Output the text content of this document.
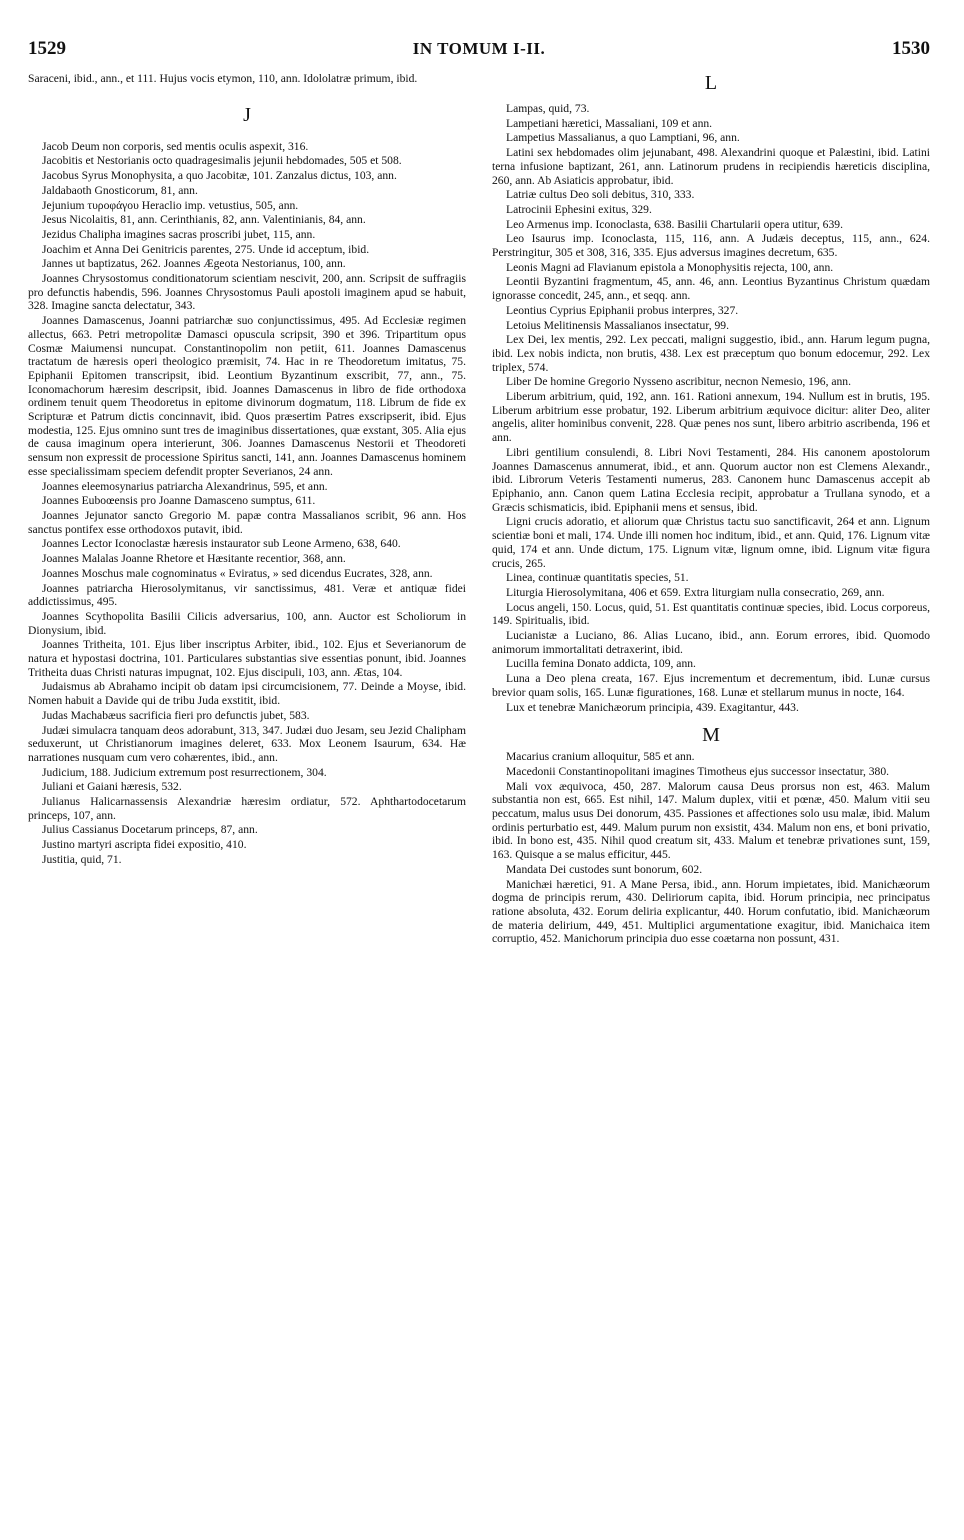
1529	IN TOMUM I-II.	1530
Saraceni, ibid., ann., et 111. Hujus vocis etymon, 110, ann. Idololatræ primum, ibid.
J
Jacob Deum non corporis, sed mentis oculis aspexit, 316.
Jacobitis et Nestorianis octo quadragesimalis jejunii hebdomades, 505 et 508.
Jacobus Syrus Monophysita, a quo Jacobitæ, 101. Zanzalus dictus, 103, ann.
Jaldabaoth Gnosticorum, 81, ann.
Jejunium τυροφάγου Heraclio imp. vetustius, 505, ann.
Jesus Nicolaitis, 81, ann. Cerinthianis, 82, ann. Valentinianis, 84, ann.
Jezidus Chalipha imagines sacras proscribi jubet, 115, ann.
Joachim et Anna Dei Genitricis parentes, 275. Unde id acceptum, ibid.
Jannes ut baptizatus, 262. Joannes Ægeota Nestorianus, 100, ann.
Joannes Chrysostomus conditionatorum scientiam nescivit, 200, ann. Scripsit de suffragiis pro defunctis habendis, 596. Joannes Chrysostomus Pauli apostoli imaginem apud se habuit, 328. Imagine sancta delectatur, 343.
Joannes Damascenus, Joanni patriarchæ suo conjunctissimus, 495. Ad Ecclesiæ regimen allectus, 663. Petri metropolitæ Damasci opuscula scripsit, 390 et 396. Tripartitum opus Cosmæ Maiumensi nuncupat. Constantinopolim non petiit, 611. Joannes Damascenus tractatum de hæresis operi theologico præmisit, 74. Hac in re Theodoretum imitatus, 75. Epiphanii Epitomen transcripsit, ibid. Leontium Byzantinum exscribit, 77, ann., 75. Iconomachorum hæresim descripsit, ibid. Joannes Damascenus in libro de fide orthodoxa ordinem tenuit quem Theodoretus in epitome divinorum dogmatum, 118. Librum de fide ex Scripturæ et Patrum dictis concinnavit, ibid. Quos præsertim Patres exscripserit, ibid. Ejus modestia, 125. Ejus omnino sunt tres de imaginibus dissertationes, quæ exstant, 305. Alia ejus de causa imaginum opera interierunt, 306. Joannes Damascenus Nestorii et Theodoreti sensum non expressit de processione Spiritus sancti, 141, ann. Joannes Damascenus hominem esse specialissimam speciem defendit propter Severianos, 24 ann.
Joannes eleemosynarius patriarcha Alexandrinus, 595, et ann.
Joannes Euboœensis pro Joanne Damasceno sumptus, 611.
Joannes Jejunator sancto Gregorio M. papæ contra Massalianos scribit, 96 ann. Hos sanctus pontifex esse orthodoxos putavit, ibid.
Joannes Lector Iconoclastæ hæresis instaurator sub Leone Armeno, 638, 640.
Joannes Malalas Joanne Rhetore et Hæsitante recentior, 368, ann.
Joannes Moschus male cognominatus « Eviratus, » sed dicendus Eucrates, 328, ann.
Joannes patriarcha Hierosolymitanus, vir sanctissimus, 481. Veræ et antiquæ fidei addictissimus, 495.
Joannes Scythopolita Basilii Cilicis adversarius, 100, ann. Auctor est Scholiorum in Dionysium, ibid.
Joannes Tritheita, 101. Ejus liber inscriptus Arbiter, ibid., 102. Ejus et Severianorum de natura et hypostasi doctrina, 101. Particulares substantias sive essentias ponunt, ibid. Joannes Tritheita duas Christi naturas impugnat, 102. Ejus discipuli, 103, ann. Ætas, 104.
Judaismus ab Abrahamo incipit ob datam ipsi circumcisionem, 77. Deinde a Moyse, ibid. Nomen habuit a Davide qui de tribu Juda exstitit, ibid.
Judas Machabæus sacrificia fieri pro defunctis jubet, 583.
Judæi simulacra tanquam deos adorabunt, 313, 347. Judæi duo Jesam, seu Jezid Chalipham seduxerunt, ut Christianorum imagines deleret, 633. Mox Leonem Isaurum, 634. Hæ narrationes nusquam cum vero cohærentes, ibid., ann.
Judicium, 188. Judicium extremum post resurrectionem, 304.
Juliani et Gaiani hæresis, 532.
Julianus Halicarnassensis Alexandriæ hæresim ordiatur, 572. Aphthartodocetarum princeps, 107, ann.
Julius Cassianus Docetarum princeps, 87, ann.
Justino martyri ascripta fidei expositio, 410.
Justitia, quid, 71.
L
Lampas, quid, 73.
Lampetiani hæretici, Massaliani, 109 et ann.
Lampetius Massalianus, a quo Lamptiani, 96, ann.
Latini sex hebdomades olim jejunabant, 498. Alexandrini quoque et Palæstini, ibid. Latini terna infusione baptizant, 261, ann. Latinorum prudens in recipiendis hæreticis disciplina, 260, ann. Ab Asiaticis approbatur, ibid.
Latriæ cultus Deo soli debitus, 310, 333.
Latrocinii Ephesini exitus, 329.
Leo Armenus imp. Iconoclasta, 638. Basilii Chartularii opera utitur, 639.
Leo Isaurus imp. Iconoclasta, 115, 116, ann. A Judæis deceptus, 115, ann., 624. Perstringitur, 305 et 308, 316, 335. Ejus adversus imagines decretum, 635.
Leonis Magni ad Flavianum epistola a Monophysitis rejecta, 100, ann.
Leontii Byzantini fragmentum, 45, ann. 46, ann. Leontius Byzantinus Christum quædam ignorasse concedit, 245, ann., et seqq. ann.
Leontius Cyprius Epiphanii probus interpres, 327.
Letoius Melitinensis Massalianos insectatur, 99.
Lex Dei, lex mentis, 292. Lex peccati, maligni suggestio, ibid., ann. Harum legum pugna, ibid. Lex nobis indicta, non brutis, 438. Lex est præceptum quo bonum edocemur, 292. Lex triplex, 574.
Liber De homine Gregorio Nysseno ascribitur, necnon Nemesio, 196, ann.
Liberum arbitrium, quid, 192, ann. 161. Rationi annexum, 194. Nullum est in brutis, 195. Liberum arbitrium esse probatur, 192. Liberum arbitrium æquivoce dicitur: aliter Deo, aliter angelis, aliter hominibus convenit, 228. Quæ penes nos sunt, libero arbitrio ascribenda, 196 et ann.
Libri gentilium consulendi, 8. Libri Novi Testamenti, 284. His canonem apostolorum Joannes Damascenus annumerat, ibid., et ann. Quorum auctor non est Clemens Alexandr., ibid. Librorum Veteris Testamenti numerus, 283. Canonem hunc Damascenus accepit ab Epiphanio, ann. Canon quem Latina Ecclesia recipit, approbatur a Trullana synodo, et a Græcis schismaticis, ibid. Epiphanii mens et sensus, ibid.
Ligni crucis adoratio, et aliorum quæ Christus tactu suo sanctificavit, 264 et ann. Lignum scientiæ boni et mali, 174. Unde illi nomen hoc inditum, ibid., et ann. Quid, 176. Lignum vitæ quid, 174 et ann. Unde dictum, 175. Lignum vitæ, lignum omne, ibid. Lignum vitæ figura crucis, 265.
Linea, continuæ quantitatis species, 51.
Liturgia Hierosolymitana, 406 et 659. Extra liturgiam nulla consecratio, 269, ann.
Locus angeli, 150. Locus, quid, 51. Est quantitatis continuæ species, ibid. Locus corporeus, 149. Spiritualis, ibid.
Lucianistæ a Luciano, 86. Alias Lucano, ibid., ann. Eorum errores, ibid. Quomodo animorum immortalitati detraxerint, ibid.
Lucilla femina Donato addicta, 109, ann.
Luna a Deo plena creata, 167. Ejus incrementum et decrementum, ibid. Lunæ cursus brevior quam solis, 165. Lunæ figurationes, 168. Lunæ et stellarum munus in nocte, 164.
Lux et tenebræ Manichæorum principia, 439. Exagitantur, 443.
M
Macarius cranium alloquitur, 585 et ann.
Macedonii Constantinopolitani imagines Timotheus ejus successor insectatur, 380.
Mali vox æquivoca, 450, 287. Malorum causa Deus prorsus non est, 463. Malum substantia non est, 665. Est nihil, 147. Malum duplex, vitii et pœnæ, 450. Malum vitii seu peccatum, malus usus Dei donorum, 435. Passiones et affectiones solo usu malæ, ibid. Malum ordinis perturbatio est, 449. Malum purum non exsistit, 434. Malum non ens, et boni privatio, ibid. In bono est, 435. Nihil quod creatum sit, 433. Malum et tenebræ privationes sunt, 159, 163. Quisque a se malus efficitur, 445.
Mandata Dei custodes sunt bonorum, 602.
Manichæi hæretici, 91. A Mane Persa, ibid., ann. Horum impietates, ibid. Manichæorum dogma de principis rerum, 430. Deliriorum capita, ibid. Horum principia, nec principatus ratione absoluta, 432. Eorum deliria explicantur, 440. Horum confutatio, ibid. Manichæorum de materia delirium, 449, 451. Multiplici argumentatione exagitur, ibid. Manichaica item corruptio, 452. Manichorum principia duo esse coætarna non possunt, 431.
